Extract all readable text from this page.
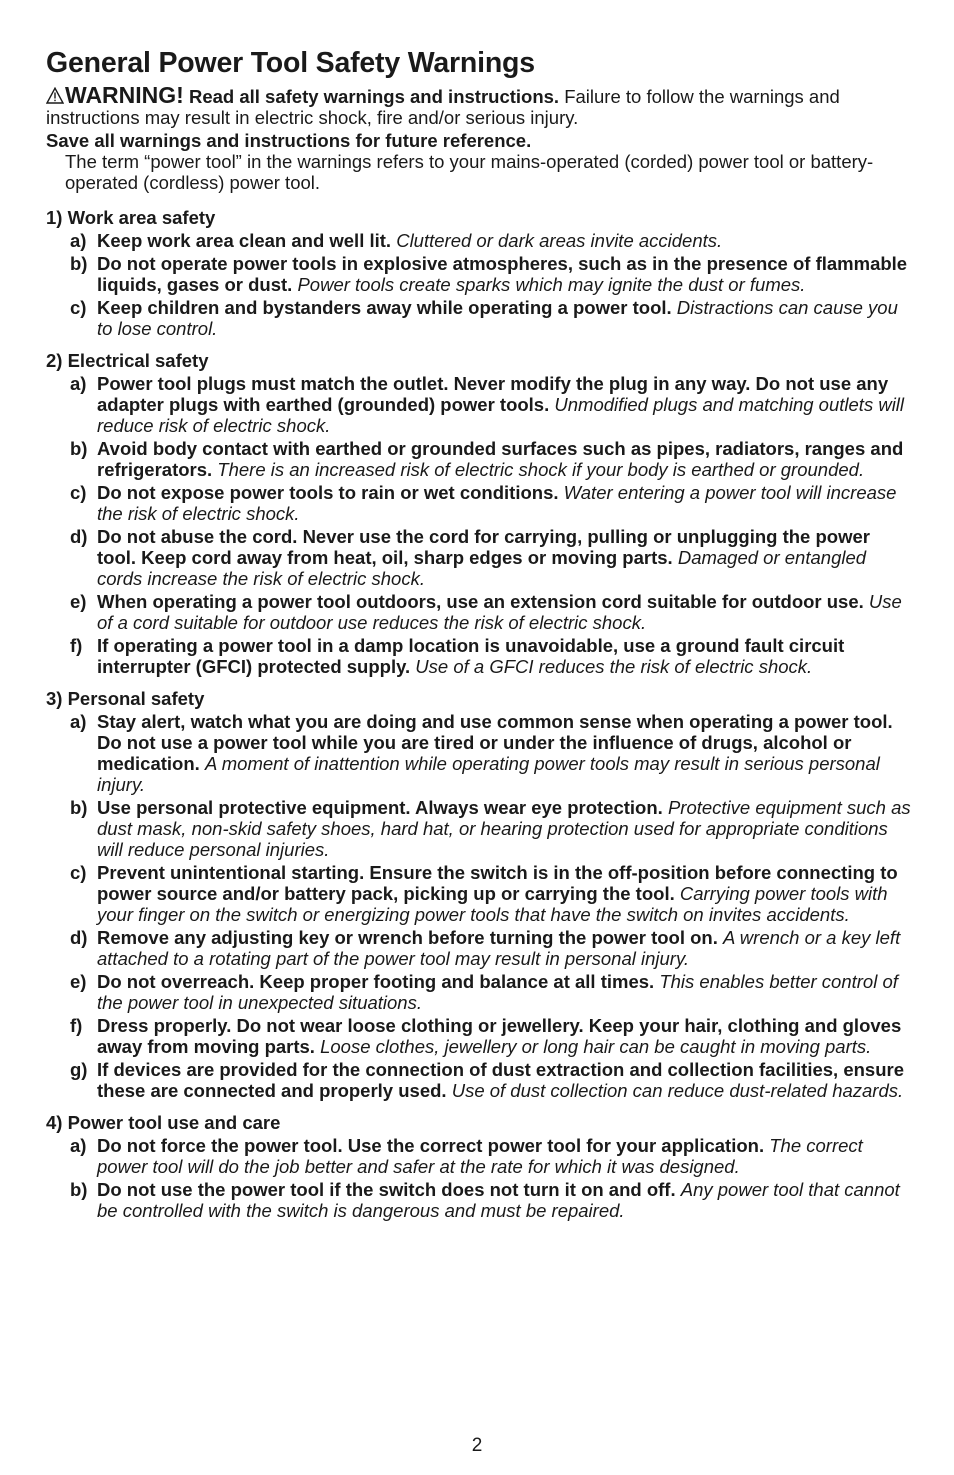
General Power Tool Safety Warnings
WARNING! Read all safety warnings and instructions. Failure to follow the warnings and instructions may result in electric shock, fire and/or serious injury.
Save all warnings and instructions for future reference.
The term “power tool” in the warnings refers to your mains-operated (corded) power tool or battery-operated (cordless) power tool.
1) Work area safety
a) Keep work area clean and well lit. Cluttered or dark areas invite accidents.
b) Do not operate power tools in explosive atmospheres, such as in the presence of flammable liquids, gases or dust. Power tools create sparks which may ignite the dust or fumes.
c) Keep children and bystanders away while operating a power tool. Distractions can cause you to lose control.
2) Electrical safety
a) Power tool plugs must match the outlet. Never modify the plug in any way. Do not use any adapter plugs with earthed (grounded) power tools. Unmodified plugs and matching outlets will reduce risk of electric shock.
b) Avoid body contact with earthed or grounded surfaces such as pipes, radiators, ranges and refrigerators. There is an increased risk of electric shock if your body is earthed or grounded.
c) Do not expose power tools to rain or wet conditions. Water entering a power tool will increase the risk of electric shock.
d) Do not abuse the cord. Never use the cord for carrying, pulling or unplugging the power tool. Keep cord away from heat, oil, sharp edges or moving parts. Damaged or entangled cords increase the risk of electric shock.
e) When operating a power tool outdoors, use an extension cord suitable for outdoor use. Use of a cord suitable for outdoor use reduces the risk of electric shock.
f) If operating a power tool in a damp location is unavoidable, use a ground fault circuit interrupter (GFCI) protected supply. Use of a GFCI reduces the risk of electric shock.
3) Personal safety
a) Stay alert, watch what you are doing and use common sense when operating a power tool. Do not use a power tool while you are tired or under the influence of drugs, alcohol or medication. A moment of inattention while operating power tools may result in serious personal injury.
b) Use personal protective equipment. Always wear eye protection. Protective equipment such as dust mask, non-skid safety shoes, hard hat, or hearing protection used for appropriate conditions will reduce personal injuries.
c) Prevent unintentional starting. Ensure the switch is in the off-position before connecting to power source and/or battery pack, picking up or carrying the tool. Carrying power tools with your finger on the switch or energizing power tools that have the switch on invites accidents.
d) Remove any adjusting key or wrench before turning the power tool on. A wrench or a key left attached to a rotating part of the power tool may result in personal injury.
e) Do not overreach. Keep proper footing and balance at all times. This enables better control of the power tool in unexpected situations.
f) Dress properly. Do not wear loose clothing or jewellery. Keep your hair, clothing and gloves away from moving parts. Loose clothes, jewellery or long hair can be caught in moving parts.
g) If devices are provided for the connection of dust extraction and collection facilities, ensure these are connected and properly used. Use of dust collection can reduce dust-related hazards.
4) Power tool use and care
a) Do not force the power tool. Use the correct power tool for your application. The correct power tool will do the job better and safer at the rate for which it was designed.
b) Do not use the power tool if the switch does not turn it on and off. Any power tool that cannot be controlled with the switch is dangerous and must be repaired.
2
